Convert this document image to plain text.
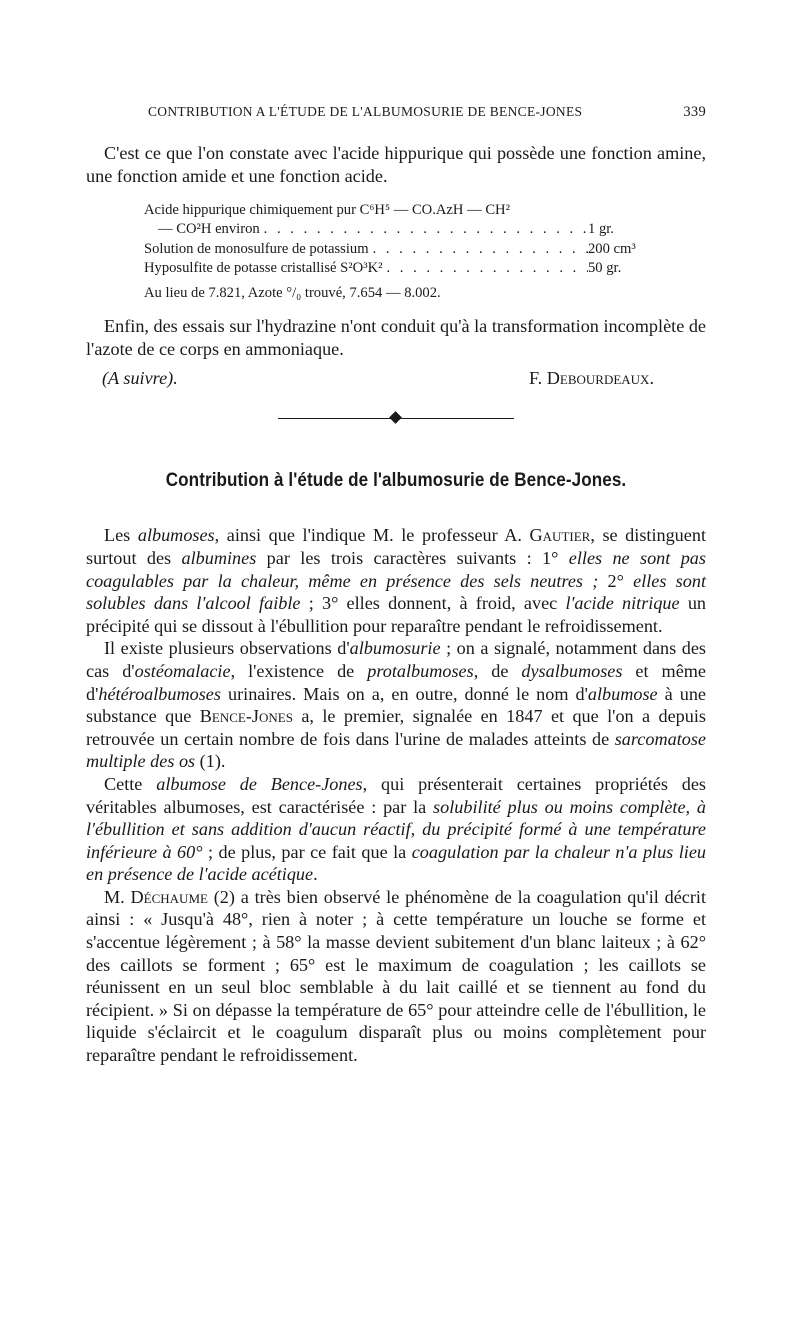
CONTRIBUTION A L'ÉTUDE DE L'ALBUMOSURIE DE BENCE-JONES	339

C'est ce que l'on constate avec l'acide hippurique qui possède une fonction amine, une fonction amide et une fonction acide.

Acide hippurique chimiquement pur C⁶H⁵ — CO.AzH — CH²
— CO²H environ . . .	1 gr.
Solution de monosulfure de potassium . . .	200 cm³
Hyposulfite de potasse cristallisé S²O³K² . . .	50 gr.
Au lieu de 7.821, Azote °/₀ trouvé, 7.654 — 8.002.

Enfin, des essais sur l'hydrazine n'ont conduit qu'à la transformation incomplète de l'azote de ce corps en ammoniaque.

(A suivre).	F. Debourdeaux.
Contribution à l'étude de l'albumosurie de Bence-Jones.

Les albumoses, ainsi que l'indique M. le professeur A. Gautier, se distinguent surtout des albumines par les trois caractères suivants : 1° elles ne sont pas coagulables par la chaleur, même en présence des sels neutres ; 2° elles sont solubles dans l'alcool faible ; 3° elles donnent, à froid, avec l'acide nitrique un précipité qui se dissout à l'ébullition pour reparaître pendant le refroidissement.

Il existe plusieurs observations d'albumosurie ; on a signalé, notamment dans des cas d'ostéomalacie, l'existence de protalbumoses, de dysalbumoses et même d'hétéroalbumoses urinaires. Mais on a, en outre, donné le nom d'albumose à une substance que Bence-Jones a, le premier, signalée en 1847 et que l'on a depuis retrouvée un certain nombre de fois dans l'urine de malades atteints de sarcomatose multiple des os (1).

Cette albumose de Bence-Jones, qui présenterait certaines propriétés des véritables albumoses, est caractérisée : par la solubilité plus ou moins complète, à l'ébullition et sans addition d'aucun réactif, du précipité formé à une température inférieure à 60° ; de plus, par ce fait que la coagulation par la chaleur n'a plus lieu en présence de l'acide acétique.

M. Déchaume (2) a très bien observé le phénomène de la coagulation qu'il décrit ainsi : « Jusqu'à 48°, rien à noter ; à cette température un louche se forme et s'accentue légèrement ; à 58° la masse devient subitement d'un blanc laiteux ; à 62° des caillots se forment ; 65° est le maximum de coagulation ; les caillots se réunissent en un seul bloc semblable à du lait caillé et se tiennent au fond du récipient. » Si on dépasse la température de 65° pour atteindre celle de l'ébullition, le liquide s'éclaircit et le coagulum disparaît plus ou moins complètement pour reparaître pendant le refroidissement.
